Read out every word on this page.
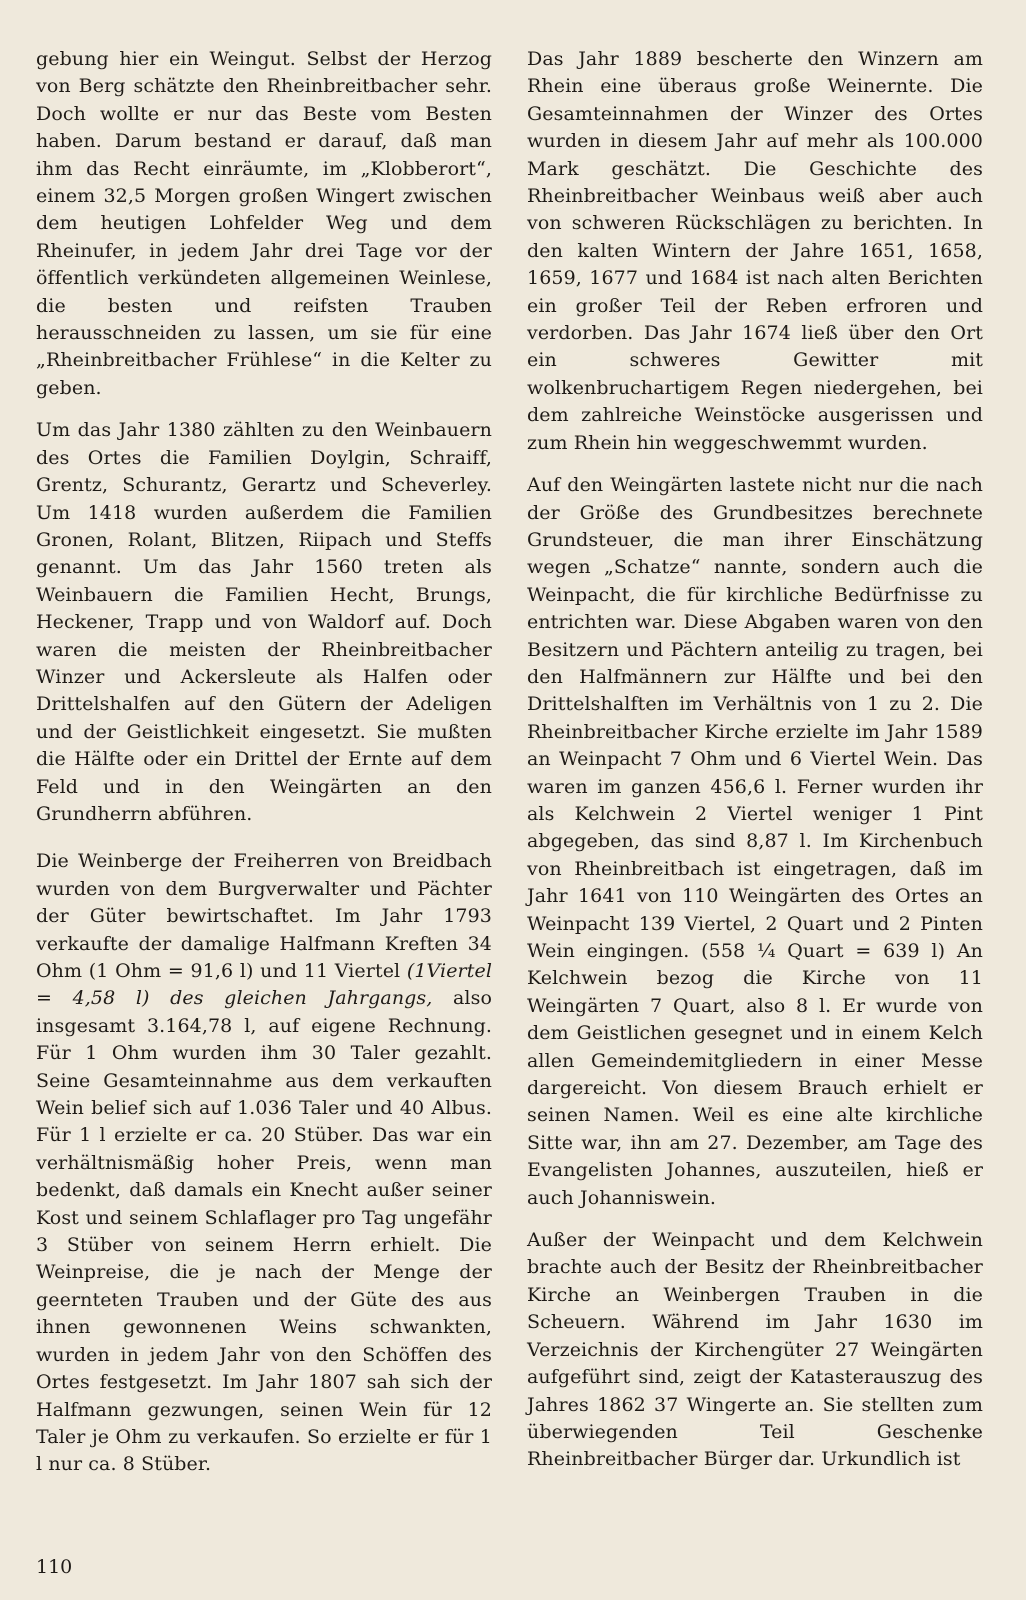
gebung hier ein Weingut. Selbst der Herzog von Berg schätzte den Rheinbreitbacher sehr. Doch wollte er nur das Beste vom Besten haben. Darum bestand er darauf, daß man ihm das Recht einräumte, im „Klobberort“, einem 32,5 Morgen großen Wingert zwischen dem heutigen Lohfelder Weg und dem Rheinufer, in jedem Jahr drei Tage vor der öffentlich verkündeten allgemeinen Weinlese, die besten und reifsten Trauben herausschneiden zu lassen, um sie für eine „Rheinbreitbacher Frühlese“ in die Kelter zu geben.

Um das Jahr 1380 zählten zu den Weinbauern des Ortes die Familien Doylgin, Schraiff, Grentz, Schurantz, Gerartz und Scheverley. Um 1418 wurden außerdem die Familien Gronen, Rolant, Blitzen, Riipach und Steffs genannt. Um das Jahr 1560 treten als Weinbauern die Familien Hecht, Brungs, Heckener, Trapp und von Waldorf auf. Doch waren die meisten der Rheinbreitbacher Winzer und Ackersleute als Halfen oder Drittelshalfen auf den Gütern der Adeligen und der Geistlichkeit eingesetzt. Sie mußten die Hälfte oder ein Drittel der Ernte auf dem Feld und in den Weingärten an den Grundherrn abführen.

Die Weinberge der Freiherren von Breidbach wurden von dem Burgverwalter und Pächter der Güter bewirtschaftet. Im Jahr 1793 verkaufte der damalige Halfmann Kreften 34 Ohm (1 Ohm = 91,6 l) und 11 Viertel (1Viertel = 4,58 l) des gleichen Jahrgangs, also insgesamt 3.164,78 l, auf eigene Rechnung. Für 1 Ohm wurden ihm 30 Taler gezahlt. Seine Gesamteinnahme aus dem verkauften Wein belief sich auf 1.036 Taler und 40 Albus. Für 1 l erzielte er ca. 20 Stüber. Das war ein verhältnismäßig hoher Preis, wenn man bedenkt, daß damals ein Knecht außer seiner Kost und seinem Schlaflager pro Tag ungefähr 3 Stüber von seinem Herrn erhielt. Die Weinpreise, die je nach der Menge der geernteten Trauben und der Güte des aus ihnen gewonnenen Weins schwankten, wurden in jedem Jahr von den Schöffen des Ortes festgesetzt. Im Jahr 1807 sah sich der Halfmann gezwungen, seinen Wein für 12 Taler je Ohm zu verkaufen. So erzielte er für 1 l nur ca. 8 Stüber.

Das Jahr 1889 bescherte den Winzern am Rhein eine überaus große Weinernte. Die Gesamteinnahmen der Winzer des Ortes wurden in diesem Jahr auf mehr als 100.000 Mark geschätzt. Die Geschichte des Rheinbreitbacher Weinbaus weiß aber auch von schweren Rückschlägen zu berichten. In den kalten Wintern der Jahre 1651, 1658, 1659, 1677 und 1684 ist nach alten Berichten ein großer Teil der Reben erfroren und verdorben. Das Jahr 1674 ließ über den Ort ein schweres Gewitter mit wolkenbruchartigem Regen niedergehen, bei dem zahlreiche Weinstöcke ausgerissen und zum Rhein hin weggeschwemmt wurden.

Auf den Weingärten lastete nicht nur die nach der Größe des Grundbesitzes berechnete Grundsteuer, die man ihrer Einschätzung wegen „Schatze“ nannte, sondern auch die Weinpacht, die für kirchliche Bedürfnisse zu entrichten war. Diese Abgaben waren von den Besitzern und Pächtern anteilig zu tragen, bei den Halfmännern zur Hälfte und bei den Drittelshalften im Verhältnis von 1 zu 2. Die Rheinbreitbacher Kirche erzielte im Jahr 1589 an Weinpacht 7 Ohm und 6 Viertel Wein. Das waren im ganzen 456,6 l. Ferner wurden ihr als Kelchwein 2 Viertel weniger 1 Pint abgegeben, das sind 8,87 l. Im Kirchenbuch von Rheinbreitbach ist eingetragen, daß im Jahr 1641 von 110 Weingärten des Ortes an Weinpacht 139 Viertel, 2 Quart und 2 Pinten Wein eingingen. (558 ¼ Quart = 639 l) An Kelchwein bezog die Kirche von 11 Weingärten 7 Quart, also 8 l. Er wurde von dem Geistlichen gesegnet und in einem Kelch allen Gemeindemitgliedern in einer Messe dargereicht. Von diesem Brauch erhielt er seinen Namen. Weil es eine alte kirchliche Sitte war, ihn am 27. Dezember, am Tage des Evangelisten Johannes, auszuteilen, hieß er auch Johanniswein.

Außer der Weinpacht und dem Kelchwein brachte auch der Besitz der Rheinbreitbacher Kirche an Weinbergen Trauben in die Scheuern. Während im Jahr 1630 im Verzeichnis der Kirchengüter 27 Weingärten aufgeführt sind, zeigt der Katasterauszug des Jahres 1862 37 Wingerte an. Sie stellten zum überwiegenden Teil Geschenke Rheinbreitbacher Bürger dar. Urkundlich ist

110
